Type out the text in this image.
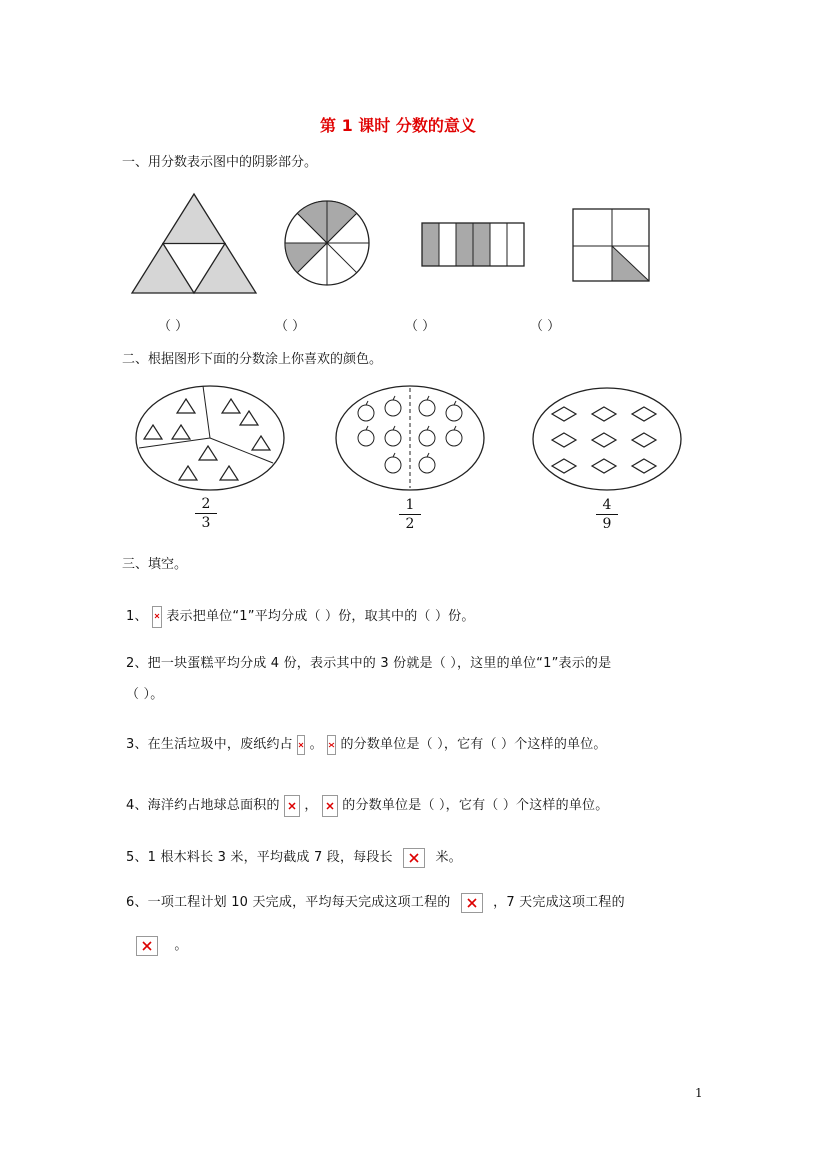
第 1 课时 分数的意义
一、用分数表示图中的阴影部分。
（ ）	（ ）	（ ）	（ ）
二、根据图形下面的分数涂上你喜欢的颜色。
2
3
1
2
4
9
三、填空。
1、 表示把单位“1”平均分成（ ）份，取其中的（ ）份。
2、把一块蛋糕平均分成 4 份，表示其中的 3 份就是（ ），这里的单位“1”表示的是
（ ）。
3、在生活垃圾中，废纸约占 。 的分数单位是（ ），它有（ ）个这样的单位。
4、海洋约占地球总面积的 ， 的分数单位是（ ），它有（ ）个这样的单位。
5、1 根木料长 3 米，平均截成 7 段，每段长	米。
6、一项工程计划 10 天完成，平均每天完成这项工程的	，7 天完成这项工程的
。
1
